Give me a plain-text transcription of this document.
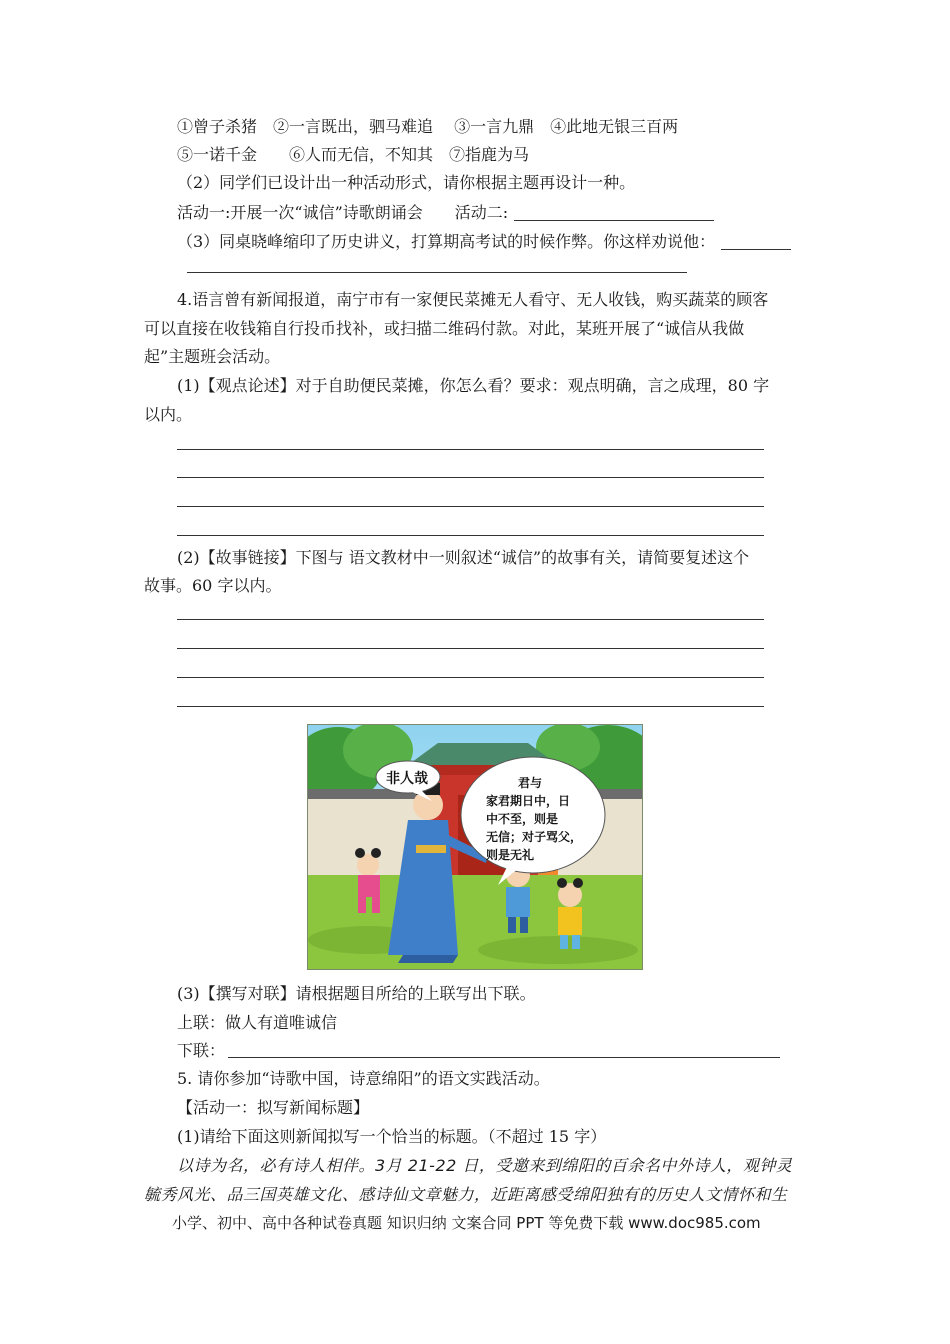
①曾子杀猪　②一言既出，驷马难追　 ③一言九鼎　④此地无银三百两
⑤一诺千金　　⑥人而无信，不知其　⑦指鹿为马
（2）同学们已设计出一种活动形式，请你根据主题再设计一种。
活动一:开展一次“诚信”诗歌朗诵会　　活动二:
（3）同桌晓峰缩印了历史讲义，打算期高考试的时候作弊。你这样劝说他：
4.语言曾有新闻报道，南宁市有一家便民菜摊无人看守、无人收钱，购买蔬菜的顾客
可以直接在收钱箱自行投币找补，或扫描二维码付款。对此，某班开展了“诚信从我做
起”主题班会活动。
(1)【观点论述】对于自助便民菜摊，你怎么看？要求：观点明确，言之成理，80 字
以内。
(2)【故事链接】下图与 语文教材中一则叙述“诚信”的故事有关，请简要复述这个
故事。60 字以内。
非人哉	君与
家君期日中，日
中不至，则是
无信；对子骂父，
则是无礼
(3)【撰写对联】请根据题目所给的上联写出下联。
上联：做人有道唯诚信
下联：
5. 请你参加“诗歌中国，诗意绵阳”的语文实践活动。
【活动一：拟写新闻标题】
(1)请给下面这则新闻拟写一个恰当的标题。（不超过 15 字）
以诗为名，必有诗人相伴。3月 21-22 日，受邀来到绵阳的百余名中外诗人，观钟灵
毓秀风光、品三国英雄文化、感诗仙文章魅力，近距离感受绵阳独有的历史人文情怀和生
小学、初中、高中各种试卷真题 知识归纳 文案合同 PPT 等免费下载 www.doc985.com
